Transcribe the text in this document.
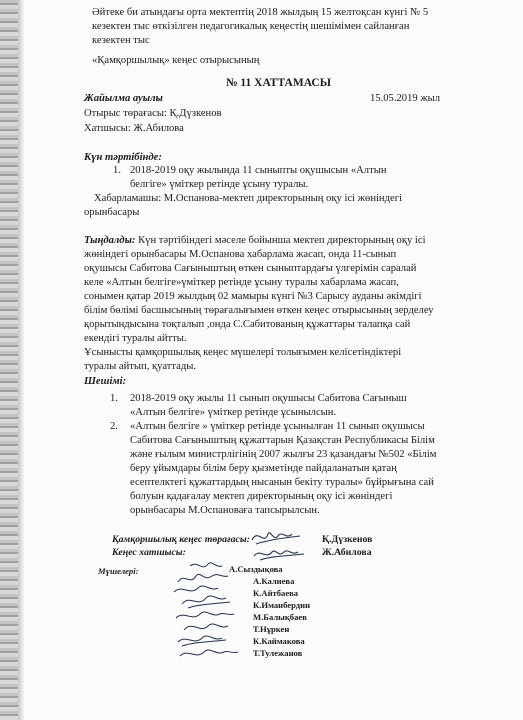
Әйтеке би атындағы орта мектептің 2018 жылдың 15 желтоқсан күнгі № 5
кезектен тыс өткізілген педагогикалық кеңестің шешімімен сайланған
кезектен тыс
«Қамқоршылық» кеңес отырысының
№ 11 ХАТТАМАСЫ
Жайылма ауылы	15.05.2019 жыл
Отырыс төрағасы: Қ.Дүзкенов
Хатшысы: Ж.Абилова
Күн тәртібінде:
1. 2018-2019 оқу жылында 11 сыныпты оқушысын «Алтын
белгіге» үміткер ретінде ұсыну туралы.
Хабарламашы: М.Оспанова-мектеп директорының оқу ісі жөніндегі
орынбасары
Тыңдалды: Күн тәртібіндегі мәселе бойынша мектеп директорының оқу ісі
жөніндегі орынбасары М.Оспанова хабарлама жасап, онда 11-сынып
оқушысы Сабитова Сағыныштың өткен сыныптардағы үлгерімін саралай
келе «Алтын белгіге»үміткер ретінде ұсыну туралы хабарлама жасап,
сонымен қатар 2019 жылдың 02 мамыры күнгі №3 Сарысу ауданы әкімдігі
білім бөлімі басшысының төрағалығымен өткен кеңес отырысының зерделеу
қорытындысына тоқталып ,онда С.Сабитованың құжаттары талапқа сай
екендігі туралы айтты.
Ұсынысты қамқоршылық кеңес мүшелері толығымен келісетіндіктері
туралы айтып, қуаттады.
Шешімі:
1. 2018-2019 оқу жылы 11 сынып оқушысы Сабитова Сағыныш
«Алтын белгіге» үміткер ретінде ұсынылсын.
2. «Алтын белгіге » үміткер ретінде ұсынылған 11 сынып оқушысы
Сабитова Сағыныштың құжаттарын Қазақстан Республикасы Білім
және ғылым министрлігінің 2007 жылғы 23 қазандағы №502 «Білім
беру ұйымдары білім беру қызметінде пайдаланатын қатаң
есептелктегі құжаттардың нысанын бекіту туралы» бұйрығына сай
болуын қадағалау мектеп директорының оқу ісі жөніндегі
орынбасары М.Оспановаға тапсырылсын.
Қамқоршылық кеңес төрағасы:	Қ.Дүзкенов
Кеңес хатшысы:	Ж.Абилова
Мүшелері:	А.Сыздықова
А.Калиева
К.Айтбаева
К.Иманбердин
М.Балықбаев
Т.Нұркен
К.Каймакова
Т.Тулежанов
